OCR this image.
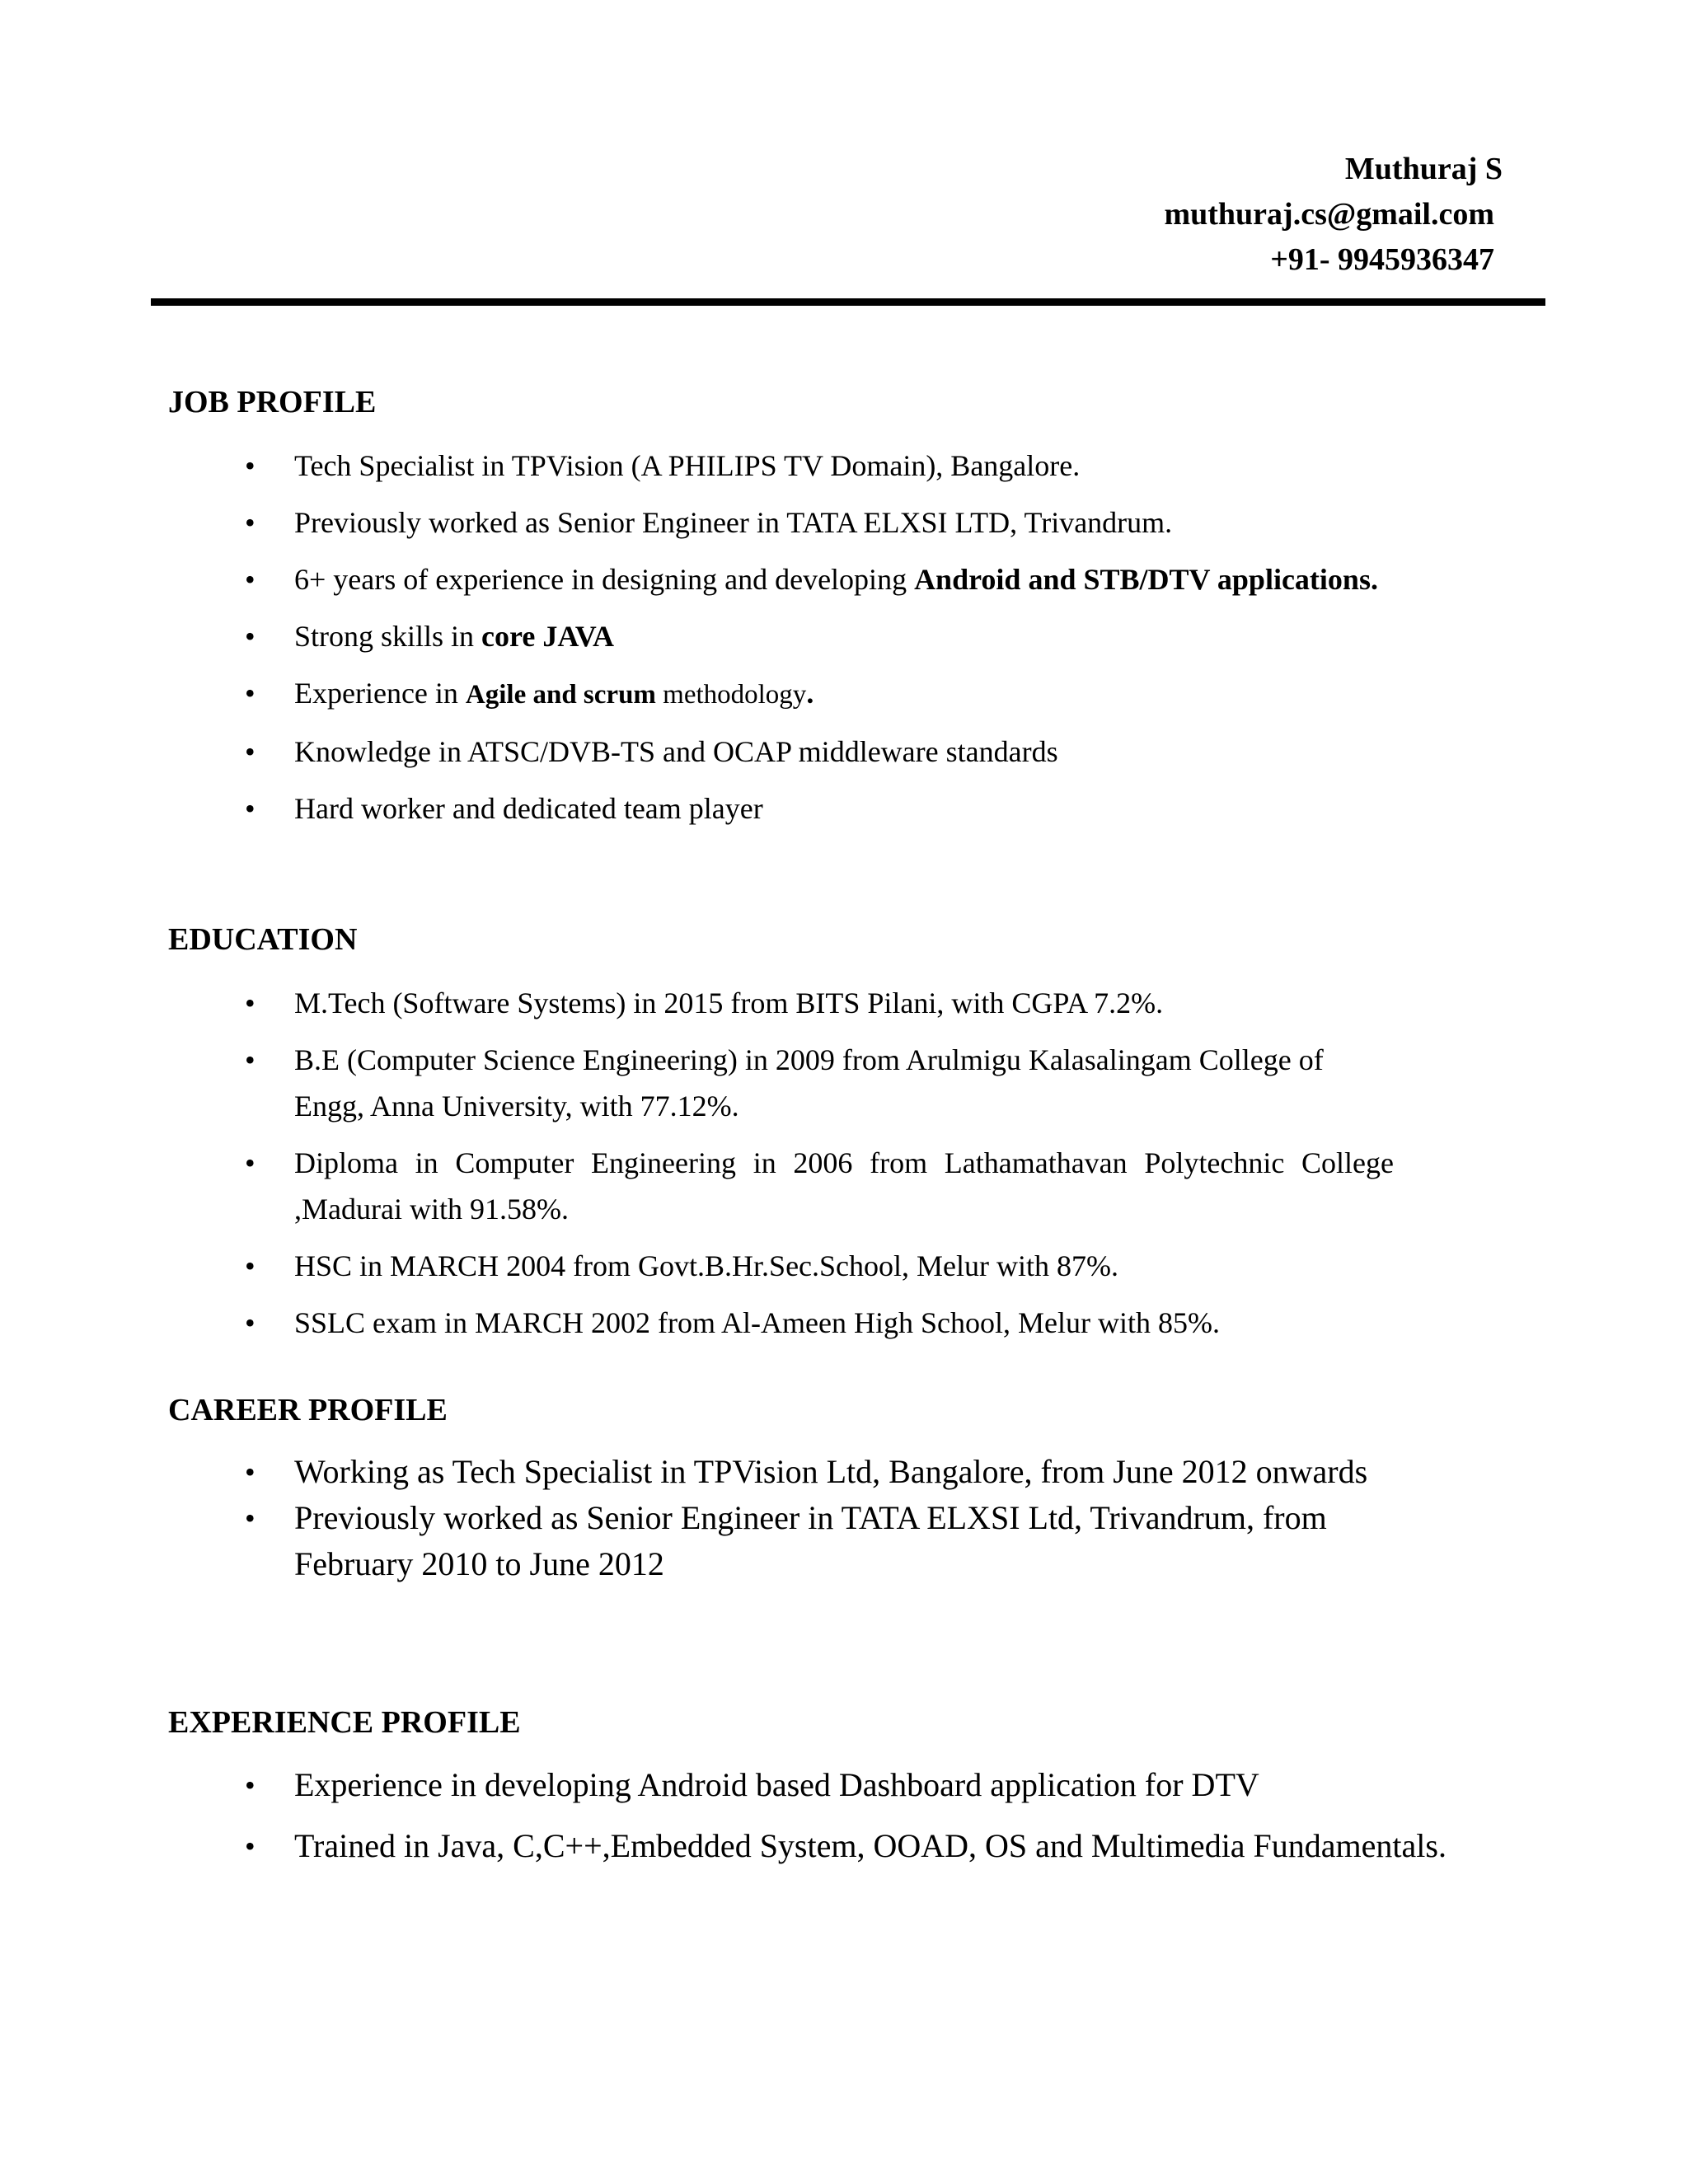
Muthuraj S
muthuraj.cs@gmail.com
+91- 9945936347
JOB PROFILE
• Tech Specialist in TPVision (A PHILIPS TV Domain), Bangalore.
• Previously worked as Senior Engineer in TATA ELXSI LTD, Trivandrum.
• 6+ years of experience in designing and developing Android and STB/DTV applications.
• Strong skills in core JAVA
• Experience in Agile and scrum methodology.
• Knowledge in ATSC/DVB-TS and OCAP middleware standards
• Hard worker and dedicated team player
EDUCATION
• M.Tech (Software Systems) in 2015 from BITS Pilani, with CGPA 7.2%.
• B.E (Computer Science Engineering) in 2009 from Arulmigu Kalasalingam College of Engg, Anna University, with 77.12%.
• Diploma in Computer Engineering in 2006 from Lathamathavan Polytechnic College ,Madurai with 91.58%.
• HSC in MARCH 2004 from Govt.B.Hr.Sec.School, Melur with 87%.
• SSLC exam in MARCH 2002 from Al-Ameen High School, Melur with 85%.
CAREER PROFILE
• Working as Tech Specialist in TPVision Ltd, Bangalore, from June 2012 onwards
• Previously worked as Senior Engineer in TATA ELXSI Ltd, Trivandrum, from February 2010 to June 2012
EXPERIENCE PROFILE
• Experience in developing Android based Dashboard application for DTV
• Trained in Java, C,C++,Embedded System, OOAD, OS and Multimedia Fundamentals.
